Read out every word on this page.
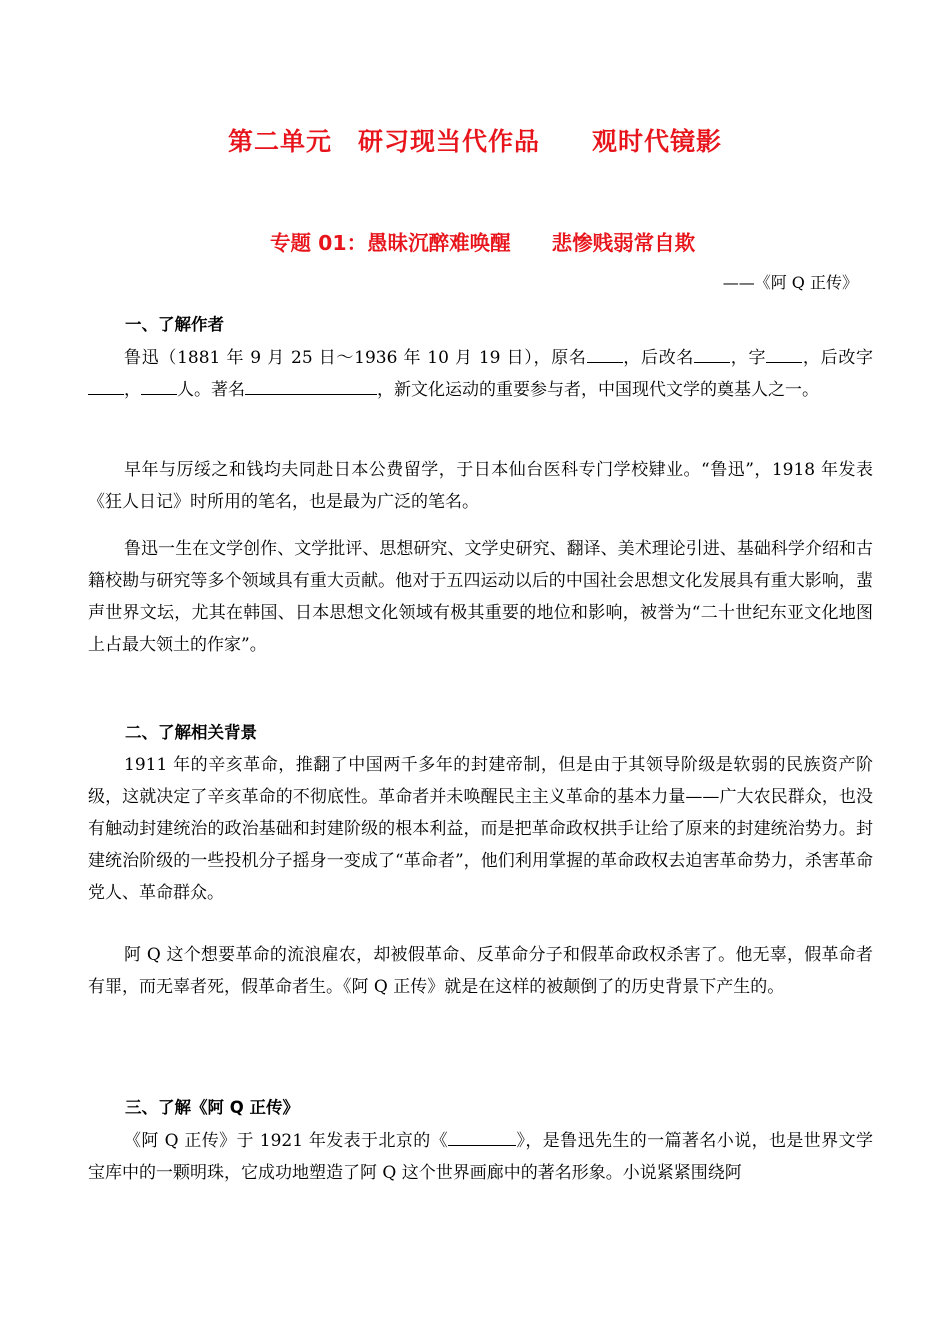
第二单元　研习现当代作品　　观时代镜影
专题 01：愚昧沉醉难唤醒　　悲惨贱弱常自欺
——《阿 Q 正传》
一、了解作者
鲁迅（1881 年 9 月 25 日～1936 年 10 月 19 日），原名 ，后改名 ，字 ，后改字， 人。著名	，新文化运动的重要参与者，中国现代文学的奠基人之一。
早年与厉绥之和钱均夫同赴日本公费留学，于日本仙台医科专门学校肄业。“鲁迅”，1918 年发表《狂人日记》时所用的笔名，也是最为广泛的笔名。
鲁迅一生在文学创作、文学批评、思想研究、文学史研究、翻译、美术理论引进、基础科学介绍和古籍校勘与研究等多个领域具有重大贡献。他对于五四运动以后的中国社会思想文化发展具有重大影响，蜚声世界文坛，尤其在韩国、日本思想文化领域有极其重要的地位和影响，被誉为“二十世纪东亚文化地图上占最大领土的作家”。
二、了解相关背景
1911 年的辛亥革命，推翻了中国两千多年的封建帝制，但是由于其领导阶级是软弱的民族资产阶级，这就决定了辛亥革命的不彻底性。革命者并未唤醒民主主义革命的基本力量——广大农民群众，也没有触动封建统治的政治基础和封建阶级的根本利益，而是把革命政权拱手让给了原来的封建统治势力。封建统治阶级的一些投机分子摇身一变成了“革命者”，他们利用掌握的革命政权去迫害革命势力，杀害革命党人、革命群众。
阿 Q 这个想要革命的流浪雇农，却被假革命、反革命分子和假革命政权杀害了。他无辜，假革命者有罪，而无辜者死，假革命者生。《阿 Q 正传》就是在这样的被颠倒了的历史背景下产生的。
三、了解《阿 Q 正传》
《阿 Q 正传》于 1921 年发表于北京的《	》，是鲁迅先生的一篇著名小说，也是世界文学宝库中的一颗明珠，它成功地塑造了阿 Q 这个世界画廊中的著名形象。小说紧紧围绕阿
